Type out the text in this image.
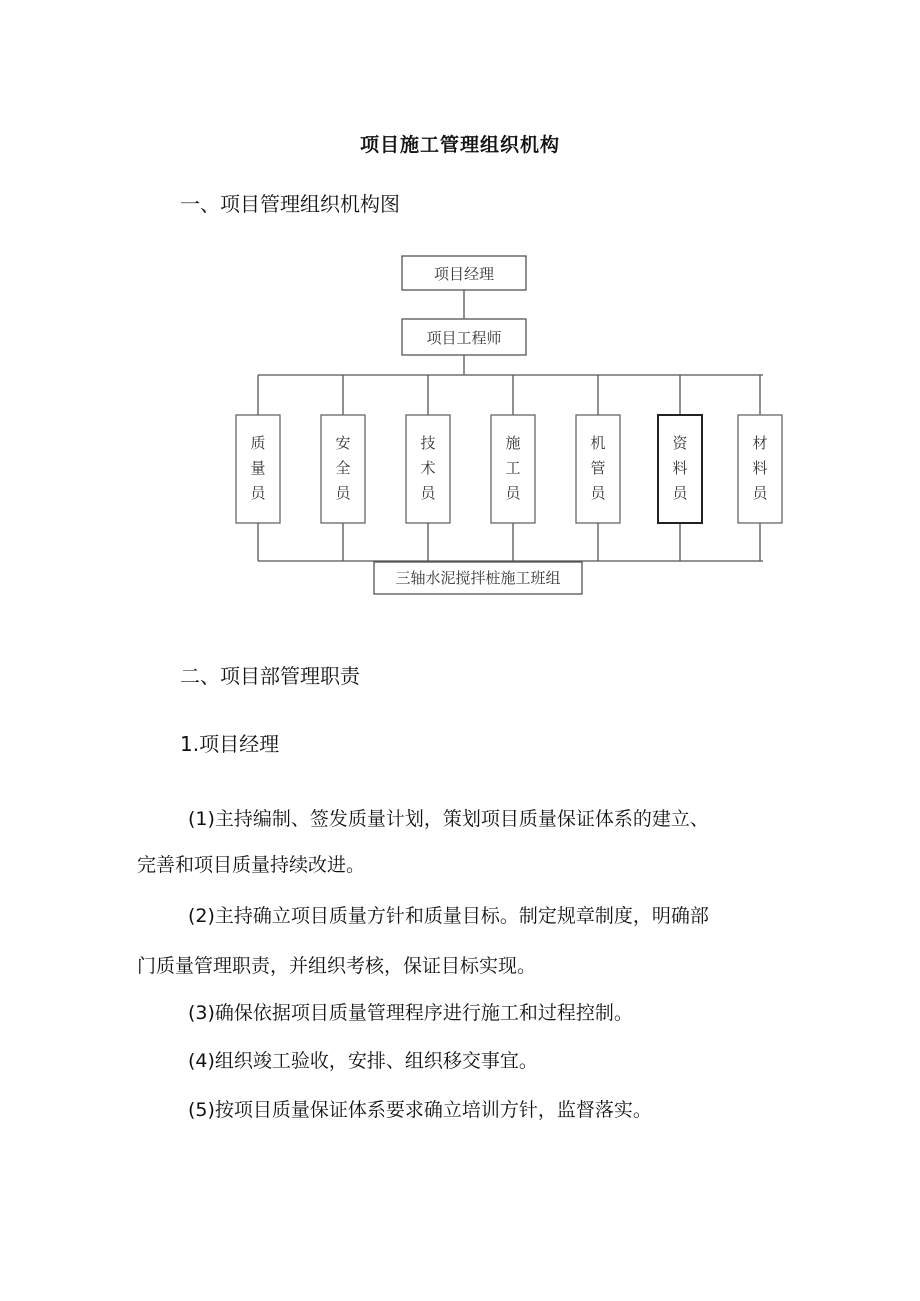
项目施工管理组织机构
一、项目管理组织机构图
质
量
员
安
全
员
技
术
员
施
工
员
机
管
员
资
料
员
材
料
员
项目经理
项目工程师
三轴水泥搅拌桩施工班组
二、项目部管理职责
1.项目经理
(1)主持编制、签发质量计划，策划项目质量保证体系的建立、
完善和项目质量持续改进。
(2)主持确立项目质量方针和质量目标。制定规章制度，明确部
门质量管理职责，并组织考核，保证目标实现。
(3)确保依据项目质量管理程序进行施工和过程控制。
(4)组织竣工验收，安排、组织移交事宜。
(5)按项目质量保证体系要求确立培训方针，监督落实。
